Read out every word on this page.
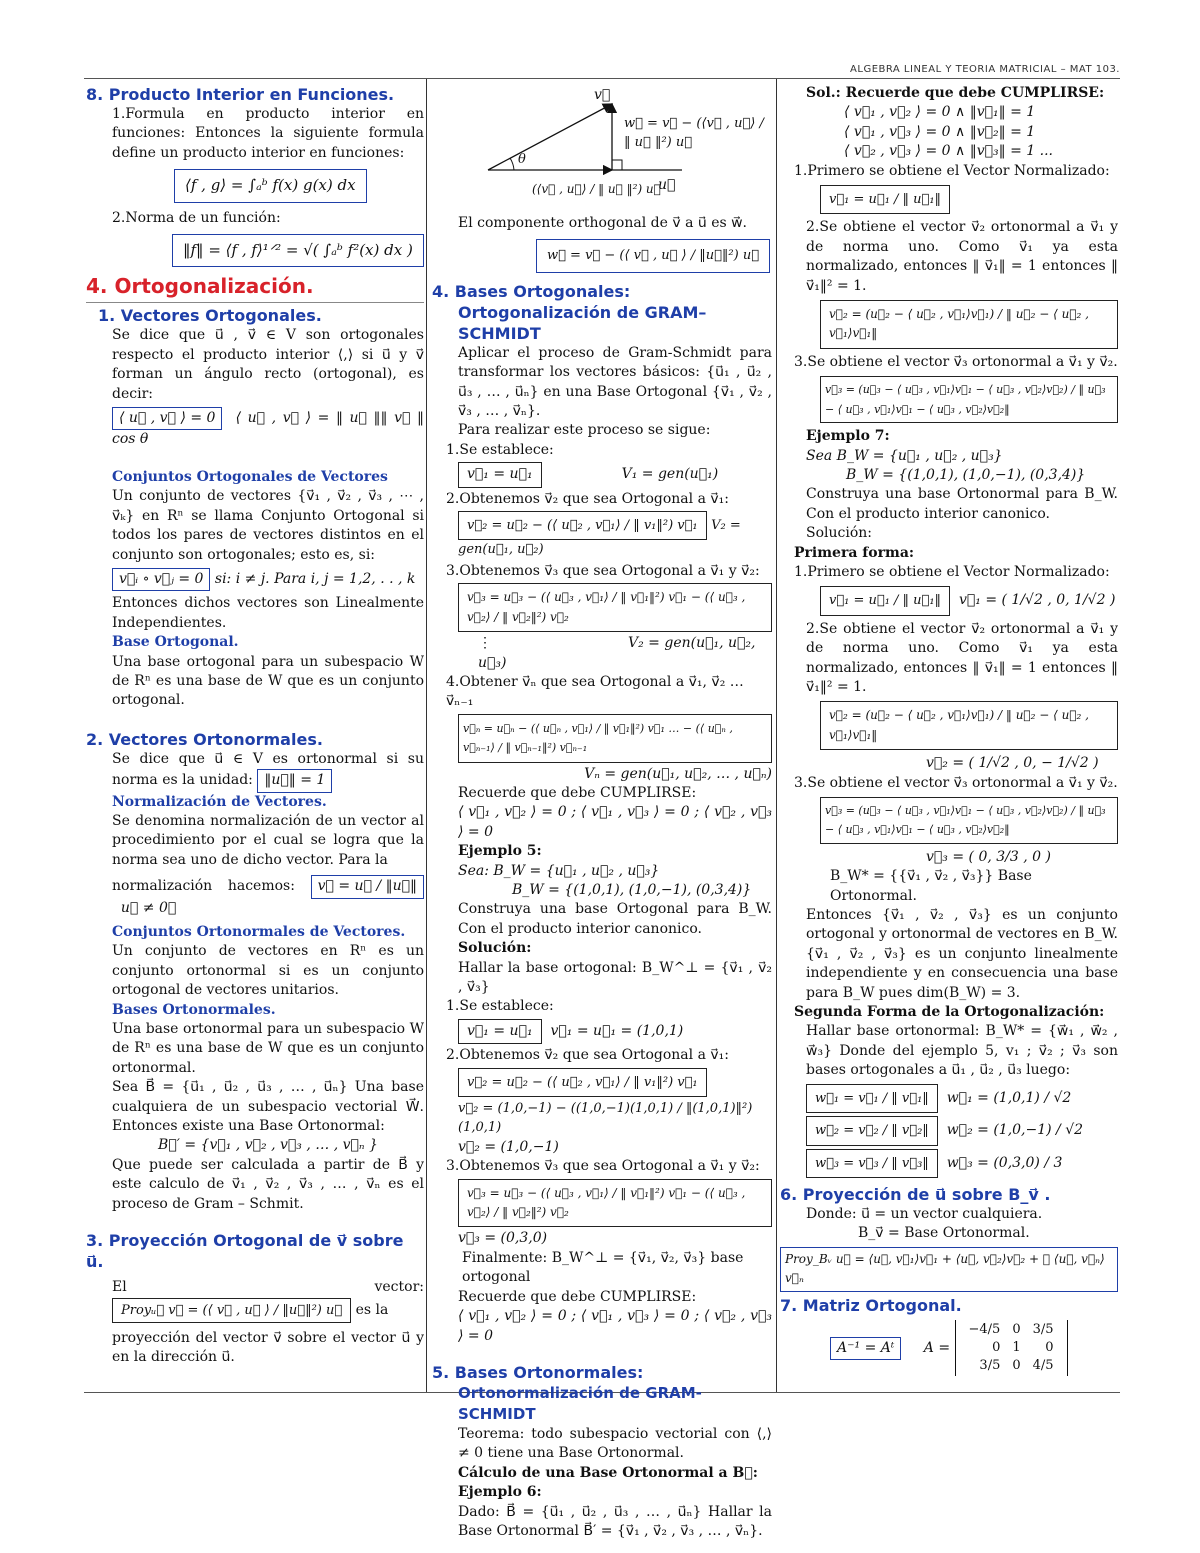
ALGEBRA LINEAL Y TEORIA MATRICIAL – MAT 103.
8. Producto Interior en Funciones.
1.Formula en producto interior en funciones: Entonces la siguiente formula define un producto interior en funciones:
⟨f , g⟩ = ∫ₐᵇ f(x) g(x) dx
2.Norma de un función:
‖f‖ = ⟨f , f⟩¹ᐟ² = √( ∫ₐᵇ f²(x) dx )
4. Ortogonalización.
1. Vectores Ortogonales.
Se dice que u⃗ , v⃗ ∈ V son ortogonales respecto el producto interior ⟨,⟩ si u⃗ y v⃗ forman un ángulo recto (ortogonal), es decir:
⟨ u⃗ , v⃗ ⟩ = 0 ⟨ u⃗ , v⃗ ⟩ = ‖ u⃗ ‖‖ v⃗ ‖ cos θ
Conjuntos Ortogonales de Vectores
Un conjunto de vectores {v⃗₁ , v⃗₂ , v⃗₃ , ⋯ , v⃗ₖ} en Rⁿ se llama Conjunto Ortogonal si todos los pares de vectores distintos en el conjunto son ortogonales; esto es, si:
v⃗ᵢ ∘ v⃗ⱼ = 0 si: i ≠ j. Para i, j = 1,2, . . , k
Entonces dichos vectores son Linealmente Independientes.
Base Ortogonal.
Una base ortogonal para un subespacio W de Rⁿ es una base de W que es un conjunto ortogonal.
2. Vectores Ortonormales.
Se dice que u⃗ ∈ V es ortonormal si su norma es la unidad: ‖u⃗‖ = 1
Normalización de Vectores.
Se denomina normalización de un vector al procedimiento por el cual se logra que la norma sea uno de dicho vector. Para la
normalización hacemos: v⃗ = u⃗ / ‖u⃗‖  u⃗ ≠ 0⃗
Conjuntos Ortonormales de Vectores.
Un conjunto de vectores en Rⁿ es un conjunto ortonormal si es un conjunto ortogonal de vectores unitarios.
Bases Ortonormales.
Una base ortonormal para un subespacio W de Rⁿ es una base de W que es un conjunto ortonormal.
Sea B⃗ = {u⃗₁ , u⃗₂ , u⃗₃ , … , u⃗ₙ} Una base cualquiera de un subespacio vectorial W⃗. Entonces existe una Base Ortonormal:
B⃗′ = {v⃗₁ , v⃗₂ , v⃗₃ , … , v⃗ₙ }
Que puede ser calculada a partir de B⃗ y este calculo de v⃗₁ , v⃗₂ , v⃗₃ , … , v⃗ₙ es el proceso de Gram – Schmit.
3. Proyección Ortogonal de v⃗ sobre u⃗.
El vector: Proyᵤ⃗ v⃗ = (⟨ v⃗ , u⃗ ⟩ / ‖u⃗‖²) u⃗ es la
proyección del vector v⃗ sobre el vector u⃗ y en la dirección u⃗.
v⃗
w⃗ = v⃗ − (⟨v⃗ , u⃗⟩ / ‖ u⃗ ‖²) u⃗
θ
(⟨v⃗ , u⃗⟩ / ‖ u⃗ ‖²) u⃗
u⃗
El componente orthogonal de v⃗ a u⃗ es w⃗.
w⃗ = v⃗ − (⟨ v⃗ , u⃗ ⟩ / ‖u⃗‖²) u⃗
4. Bases Ortogonales:
Ortogonalización de GRAM– SCHMIDT
Aplicar el proceso de Gram-Schmidt para transformar los vectores básicos: {u⃗₁ , u⃗₂ , u⃗₃ , … , u⃗ₙ} en una Base Ortogonal {v⃗₁ , v⃗₂ , v⃗₃ , … , v⃗ₙ}.
Para realizar este proceso se sigue:
1.Se establece:
v⃗₁ = u⃗₁	V₁ = gen(u⃗₁)
2.Obtenemos v⃗₂ que sea Ortogonal a v⃗₁:
v⃗₂ = u⃗₂ − (⟨ u⃗₂ , v⃗₁⟩ / ‖ v₁‖²) v⃗₁ V₂ = gen(u⃗₁, u⃗₂)
3.Obtenemos v⃗₃ que sea Ortogonal a v⃗₁ y v⃗₂:
v⃗₃ = u⃗₃ − (⟨ u⃗₃ , v⃗₁⟩ / ‖ v⃗₁‖²) v⃗₁ − (⟨ u⃗₃ , v⃗₂⟩ / ‖ v⃗₂‖²) v⃗₂
⋮	V₂ = gen(u⃗₁, u⃗₂, u⃗₃)
4.Obtener v⃗ₙ que sea Ortogonal a v⃗₁, v⃗₂ … v⃗ₙ₋₁
v⃗ₙ = u⃗ₙ − (⟨ u⃗ₙ , v⃗₁⟩ / ‖ v⃗₁‖²) v⃗₁ … − (⟨ u⃗ₙ , v⃗ₙ₋₁⟩ / ‖ v⃗ₙ₋₁‖²) v⃗ₙ₋₁
Vₙ = gen(u⃗₁, u⃗₂, … , u⃗ₙ)
Recuerde que debe CUMPLIRSE:
⟨ v⃗₁ , v⃗₂ ⟩ = 0 ; ⟨ v⃗₁ , v⃗₃ ⟩ = 0 ; ⟨ v⃗₂ , v⃗₃ ⟩ = 0
Ejemplo 5:
Sea: B_W = {u⃗₁ , u⃗₂ , u⃗₃}
B_W = {(1,0,1), (1,0,−1), (0,3,4)}
Construya una base Ortogonal para B_W. Con el producto interior canonico.
Solución:
Hallar la base ortogonal: B_W^⊥ = {v⃗₁ , v⃗₂ , v⃗₃}
1.Se establece:
v⃗₁ = u⃗₁ v⃗₁ = u⃗₁ = (1,0,1)
2.Obtenemos v⃗₂ que sea Ortogonal a v⃗₁:
v⃗₂ = u⃗₂ − (⟨ u⃗₂ , v⃗₁⟩ / ‖ v₁‖²) v⃗₁
v⃗₂ = (1,0,−1) − ((1,0,−1)(1,0,1) / ‖(1,0,1)‖²) (1,0,1)
v⃗₂ = (1,0,−1)
3.Obtenemos v⃗₃ que sea Ortogonal a v⃗₁ y v⃗₂:
v⃗₃ = u⃗₃ − (⟨ u⃗₃ , v⃗₁⟩ / ‖ v⃗₁‖²) v⃗₁ − (⟨ u⃗₃ , v⃗₂⟩ / ‖ v⃗₂‖²) v⃗₂
v⃗₃ = (0,3,0)
Finalmente: B_W^⊥ = {v⃗₁, v⃗₂, v⃗₃} base ortogonal
Recuerde que debe CUMPLIRSE:
⟨ v⃗₁ , v⃗₂ ⟩ = 0 ; ⟨ v⃗₁ , v⃗₃ ⟩ = 0 ; ⟨ v⃗₂ , v⃗₃ ⟩ = 0
5. Bases Ortonormales:
Ortonormalización de GRAM-SCHMIDT
Teorema: todo subespacio vectorial con ⟨,⟩ ≠ 0 tiene una Base Ortonormal.
Cálculo de una Base Ortonormal a B⃗:
Ejemplo 6:
Dado: B⃗ = {u⃗₁ , u⃗₂ , u⃗₃ , … , u⃗ₙ} Hallar la Base Ortonormal B⃗′ = {v⃗₁ , v⃗₂ , v⃗₃ , … , v⃗ₙ}.
Sol.: Recuerde que debe CUMPLIRSE:
⟨ v⃗₁ , v⃗₂ ⟩ = 0 ∧ ‖v⃗₁‖ = 1
⟨ v⃗₁ , v⃗₃ ⟩ = 0 ∧ ‖v⃗₂‖ = 1
⟨ v⃗₂ , v⃗₃ ⟩ = 0 ∧ ‖v⃗₃‖ = 1 ...
1.Primero se obtiene el Vector Normalizado:
v⃗₁ = u⃗₁ / ‖ u⃗₁‖
2.Se obtiene el vector v⃗₂ ortonormal a v⃗₁ y de norma uno. Como v⃗₁ ya esta normalizado, entonces ‖ v⃗₁‖ = 1 entonces ‖ v⃗₁‖² = 1.
v⃗₂ = (u⃗₂ − ⟨ u⃗₂ , v⃗₁⟩v⃗₁) / ‖ u⃗₂ − ⟨ u⃗₂ , v⃗₁⟩v⃗₁‖
3.Se obtiene el vector v⃗₃ ortonormal a v⃗₁ y v⃗₂.
v⃗₃ = (u⃗₃ − ⟨ u⃗₃ , v⃗₁⟩v⃗₁ − ⟨ u⃗₃ , v⃗₂⟩v⃗₂) / ‖ u⃗₃ − ⟨ u⃗₃ , v⃗₁⟩v⃗₁ − ⟨ u⃗₃ , v⃗₂⟩v⃗₂‖
Ejemplo 7:
Sea B_W = {u⃗₁ , u⃗₂ , u⃗₃}
B_W = {(1,0,1), (1,0,−1), (0,3,4)}
Construya una base Ortonormal para B_W. Con el producto interior canonico.
Solución:
Primera forma:
1.Primero se obtiene el Vector Normalizado:
v⃗₁ = u⃗₁ / ‖ u⃗₁‖ v⃗₁ = ( 1/√2 , 0, 1/√2 )
2.Se obtiene el vector v⃗₂ ortonormal a v⃗₁ y de norma uno. Como v⃗₁ ya esta normalizado, entonces ‖ v⃗₁‖ = 1 entonces ‖ v⃗₁‖² = 1.
v⃗₂ = (u⃗₂ − ⟨ u⃗₂ , v⃗₁⟩v⃗₁) / ‖ u⃗₂ − ⟨ u⃗₂ , v⃗₁⟩v⃗₁‖
v⃗₂ = ( 1/√2 , 0, − 1/√2 )
3.Se obtiene el vector v⃗₃ ortonormal a v⃗₁ y v⃗₂.
v⃗₃ = (u⃗₃ − ⟨ u⃗₃ , v⃗₁⟩v⃗₁ − ⟨ u⃗₃ , v⃗₂⟩v⃗₂) / ‖ u⃗₃ − ⟨ u⃗₃ , v⃗₁⟩v⃗₁ − ⟨ u⃗₃ , v⃗₂⟩v⃗₂‖
v⃗₃ = ( 0, 3/3 , 0 )
B_W* = {{v⃗₁ , v⃗₂ , v⃗₃}} Base Ortonormal.
Entonces {v⃗₁ , v⃗₂ , v⃗₃} es un conjunto ortogonal y ortonormal de vectores en B_W. {v⃗₁ , v⃗₂ , v⃗₃} es un conjunto linealmente independiente y en consecuencia una base para B_W pues dim(B_W) = 3.
Segunda Forma de la Ortogonalización:
Hallar base ortonormal: B_W* = {w⃗₁ , w⃗₂ , w⃗₃} Donde del ejemplo 5, v₁ ; v⃗₂ ; v⃗₃ son bases ortogonales a u⃗₁ , u⃗₂ , u⃗₃ luego:
w⃗₁ = v⃗₁ / ‖ v⃗₁‖ w⃗₁ = (1,0,1) / √2
w⃗₂ = v⃗₂ / ‖ v⃗₂‖ w⃗₂ = (1,0,−1) / √2
w⃗₃ = v⃗₃ / ‖ v⃗₃‖ w⃗₃ = (0,3,0) / 3
6. Proyección de u⃗ sobre B_v⃗ .
Donde: u⃗ = un vector cualquiera.
B_v⃗ = Base Ortonormal.
Proy_Bᵥ u⃗ = ⟨u⃗, v⃗₁⟩v⃗₁ + ⟨u⃗, v⃗₂⟩v⃗₂ + ⋯ ⟨u⃗, v⃗ₙ⟩v⃗ₙ
7. Matriz Ortogonal.
A⁻¹ = Aᵗ A = −4/5	0	3/5
0	1	0
3/5	0	4/5
